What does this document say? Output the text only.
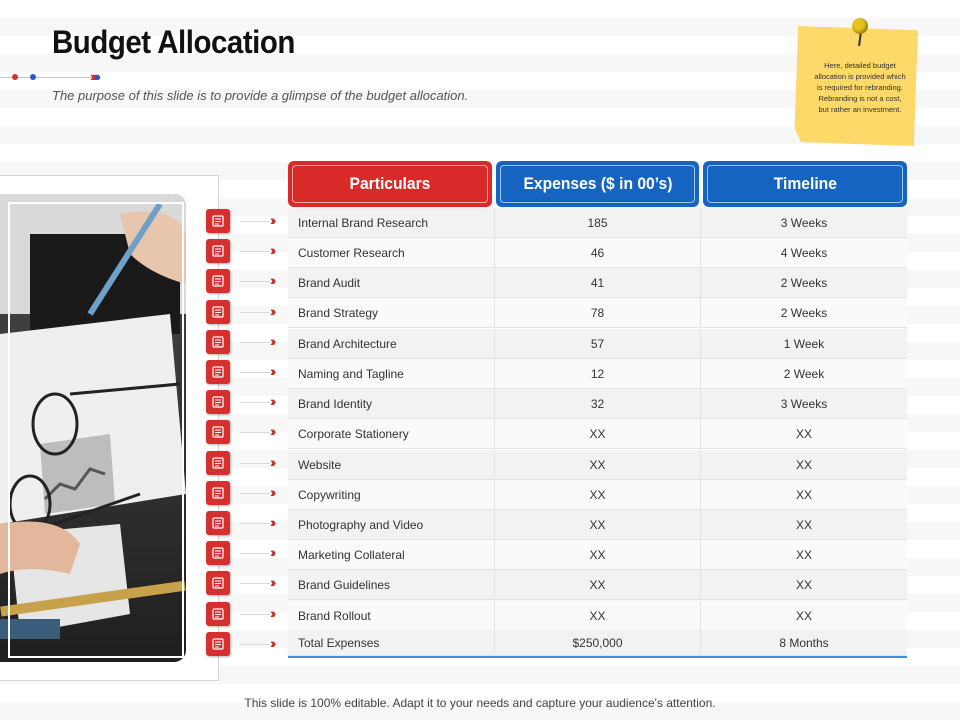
Budget Allocation
The purpose of this slide is to provide a glimpse of the budget allocation.
››››››
Here, detailed budget allocation is provided which is required for rebranding. Rebranding is not a cost, but rather an investment.
Particulars	Expenses ($ in 00’s)	Timeline
Internal Brand Research	185	3 Weeks
Customer Research	46	4 Weeks
Brand Audit	41	2 Weeks
Brand Strategy	78	2 Weeks
Brand Architecture	57	1 Week
Naming and Tagline	12	2 Week
Brand Identity	32	3 Weeks
Corporate Stationery	XX	XX
Website	XX	XX
Copywriting	XX	XX
Photography and Video	XX	XX
Marketing Collateral	XX	XX
Brand Guidelines	XX	XX
Brand Rollout	XX	XX
Total Expenses	$250,000	8 Months
››
››
››
››
››
››
››
››
››
››
››
››
››
››
››
This slide is 100% editable. Adapt it to your needs and capture your audience's attention.
